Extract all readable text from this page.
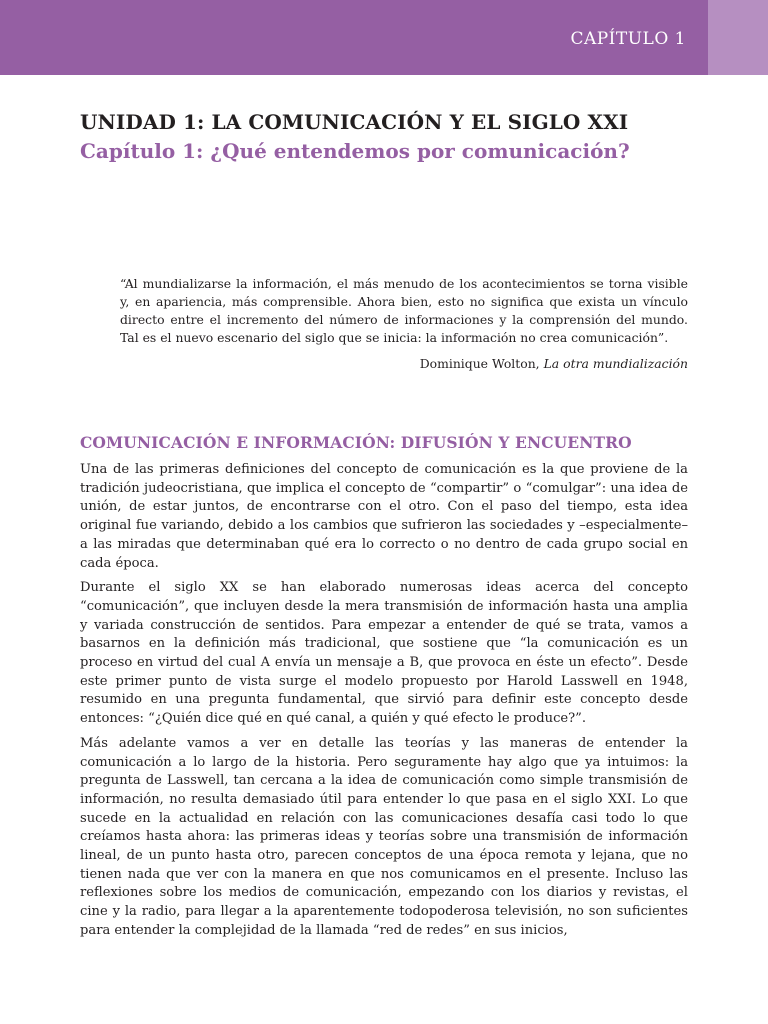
CAPÍTULO 1
UNIDAD 1: LA COMUNICACIÓN Y EL SIGLO XXI
Capítulo 1: ¿Qué entendemos por comunicación?
“Al mundializarse la información, el más menudo de los acontecimientos se torna visible y, en apariencia, más comprensible. Ahora bien, esto no significa que exista un vínculo directo entre el incremento del número de informaciones y la comprensión del mundo. Tal es el nuevo escenario del siglo que se inicia: la información no crea comunicación”.
Dominique Wolton, La otra mundialización
COMUNICACIÓN E INFORMACIÓN: DIFUSIÓN Y ENCUENTRO

Una de las primeras definiciones del concepto de comunicación es la que proviene de la tradición judeocristiana, que implica el concepto de “compartir” o “comulgar”: una idea de unión, de estar juntos, de encontrarse con el otro. Con el paso del tiempo, esta idea original fue variando, debido a los cambios que sufrieron las sociedades y –especialmente– a las miradas que determinaban qué era lo correcto o no dentro de cada grupo social en cada época.

Durante el siglo XX se han elaborado numerosas ideas acerca del concepto “comunicación”, que incluyen desde la mera transmisión de información hasta una amplia y variada construcción de sentidos. Para empezar a entender de qué se trata, vamos a basarnos en la definición más tradicional, que sostiene que “la comunicación es un proceso en virtud del cual A envía un mensaje a B, que provoca en éste un efecto”. Desde este primer punto de vista surge el modelo propuesto por Harold Lasswell en 1948, resumido en una pregunta fundamental, que sirvió para definir este concepto desde entonces: “¿Quién dice qué en qué canal, a quién y qué efecto le produce?”.

Más adelante vamos a ver en detalle las teorías y las maneras de entender la comunicación a lo largo de la historia. Pero seguramente hay algo que ya intuimos: la pregunta de Lasswell, tan cercana a la idea de comunicación como simple transmisión de información, no resulta demasiado útil para entender lo que pasa en el siglo XXI. Lo que sucede en la actualidad en relación con las comunicaciones desafía casi todo lo que creíamos hasta ahora: las primeras ideas y teorías sobre una transmisión de información lineal, de un punto hasta otro, parecen conceptos de una época remota y lejana, que no tienen nada que ver con la manera en que nos comunicamos en el presente. Incluso las reflexiones sobre los medios de comunicación, empezando con los diarios y revistas, el cine y la radio, para llegar a la aparentemente todopoderosa televisión, no son suficientes para entender la complejidad de la llamada “red de redes” en sus inicios,
